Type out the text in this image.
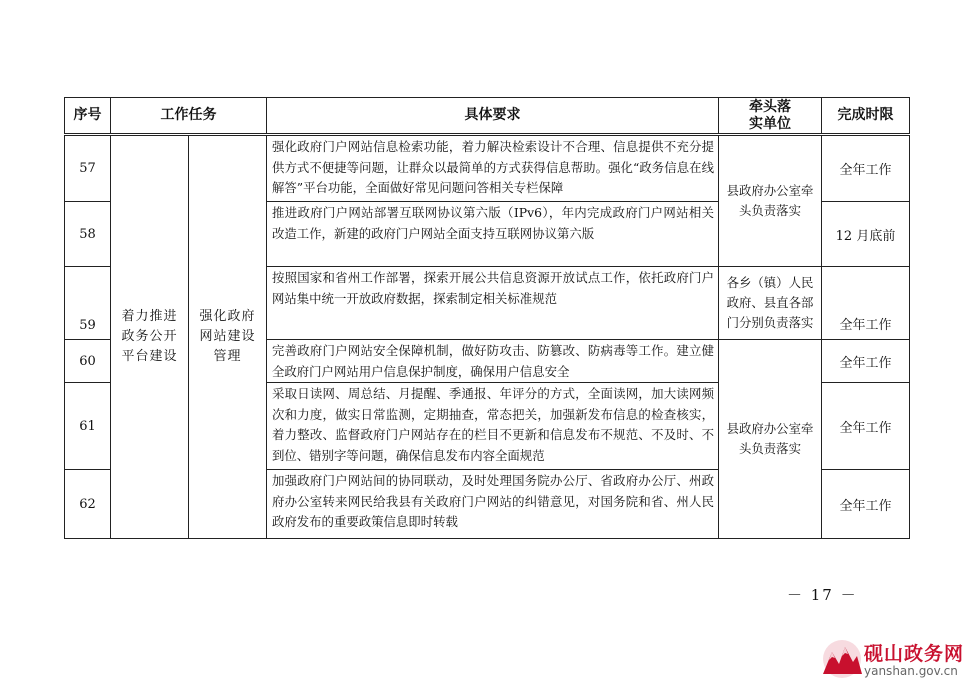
序号	工作任务		具体要求	牵头落实单位	完成时限
57	着力推进政务公开平台建设	强化政府网站建设管理	强化政府门户网站信息检索功能，着力解决检索设计不合理、信息提供不充分提供方式不便捷等问题，让群众以最简单的方式获得信息帮助。强化“政务信息在线解答”平台功能，全面做好常见问题问答相关专栏保障	县政府办公室牵头负责落实	全年工作
58			推进政府门户网站部署互联网协议第六版（IPv6），年内完成政府门户网站相关改造工作，新建的政府门户网站全面支持互联网协议第六版		12 月底前
59			按照国家和省州工作部署，探索开展公共信息资源开放试点工作，依托政府门户网站集中统一开放政府数据，探索制定相关标准规范	各乡（镇）人民政府、县直各部门分别负责落实	全年工作
60			完善政府门户网站安全保障机制，做好防攻击、防篡改、防病毒等工作。建立健全政府门户网站用户信息保护制度，确保用户信息安全	县政府办公室牵头负责落实	全年工作
61			采取日读网、周总结、月提醒、季通报、年评分的方式，全面读网，加大读网频次和力度，做实日常监测，定期抽查，常态把关，加强新发布信息的检查核实，着力整改、监督政府门户网站存在的栏目不更新和信息发布不规范、不及时、不到位、错别字等问题，确保信息发布内容全面规范		全年工作
62			加强政府门户网站间的协同联动，及时处理国务院办公厅、省政府办公厅、州政府办公室转来网民给我县有关政府门户网站的纠错意见，对国务院和省、州人民政府发布的重要政策信息即时转载		全年工作
－ 17 －
砚山政务网
yanshan.gov.cn
